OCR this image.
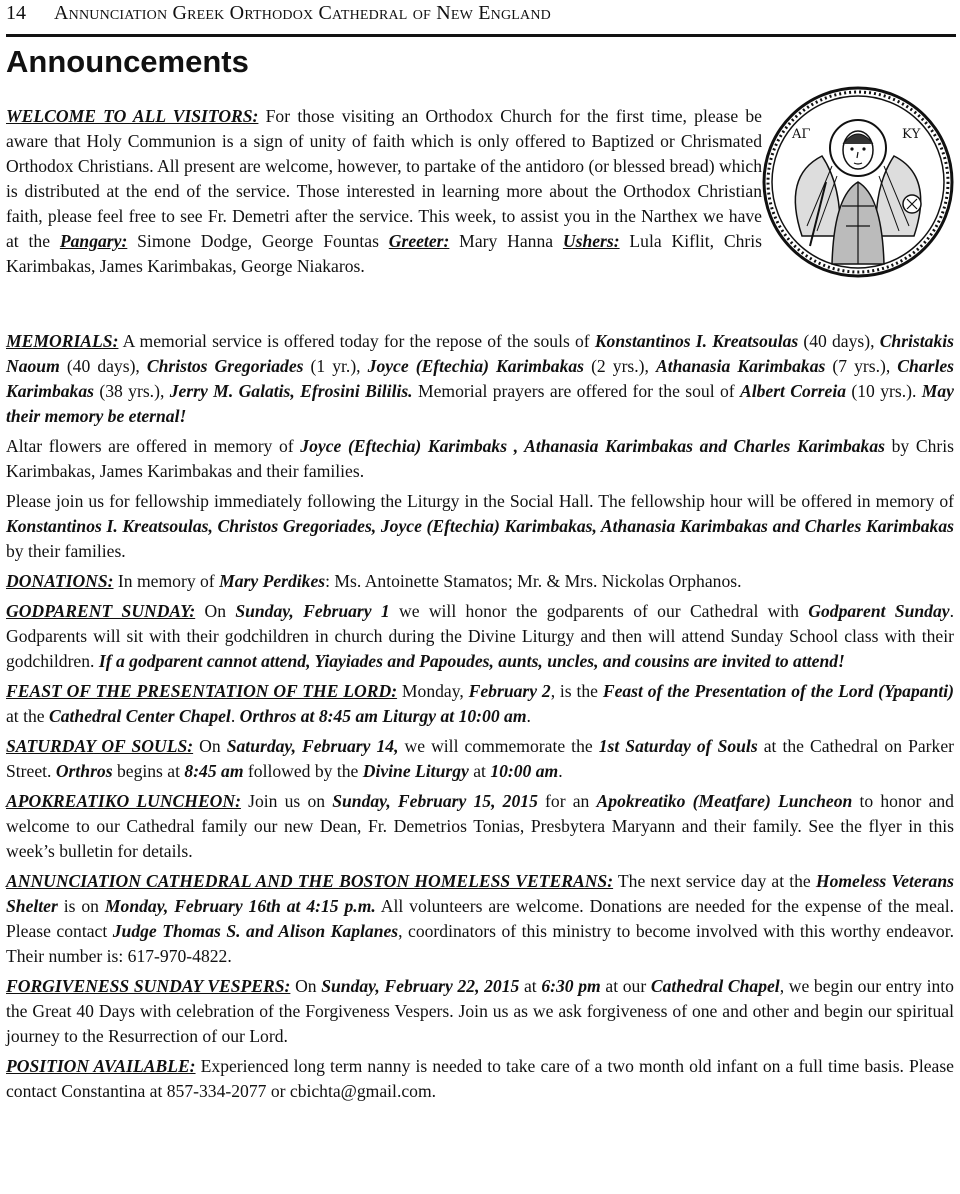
14 Annunciation Greek Orthodox Cathedral of New England
Announcements
ΑΓ	ΚΥ

WELCOME TO ALL VISITORS: For those visiting an Orthodox Church for the first time, please be aware that Holy Communion is a sign of unity of faith which is only offered to Baptized or Chrismated Orthodox Christians. All present are welcome, however, to partake of the antidoro (or blessed bread) which is distributed at the end of the service. Those interested in learning more about the Orthodox Christian faith, please feel free to see Fr. Demetri after the service. This week, to assist you in the Narthex we have at the Pangary: Simone Dodge, George Fountas Greeter: Mary Hanna Ushers: Lula Kiflit, Chris Karimbakas, James Karimbakas, George Niakaros.

MEMORIALS: A memorial service is offered today for the repose of the souls of Konstantinos I. Kreatsoulas (40 days), Christakis Naoum (40 days), Christos Gregoriades (1 yr.), Joyce (Eftechia) Karimbakas (2 yrs.), Athanasia Karimbakas (7 yrs.), Charles Karimbakas (38 yrs.), Jerry M. Galatis, Efrosini Bililis. Memorial prayers are offered for the soul of Albert Correia (10 yrs.). May their memory be eternal!

Altar flowers are offered in memory of Joyce (Eftechia) Karimbaks , Athanasia Karimbakas and Charles Karimbakas by Chris Karimbakas, James Karimbakas and their families.

Please join us for fellowship immediately following the Liturgy in the Social Hall. The fellowship hour will be offered in memory of Konstantinos I. Kreatsoulas, Christos Gregoriades, Joyce (Eftechia) Karimbakas, Athanasia Karimbakas and Charles Karimbakas by their families.

DONATIONS: In memory of Mary Perdikes: Ms. Antoinette Stamatos; Mr. & Mrs. Nickolas Orphanos.

GODPARENT SUNDAY: On Sunday, February 1 we will honor the godparents of our Cathedral with Godparent Sunday. Godparents will sit with their godchildren in church during the Divine Liturgy and then will attend Sunday School class with their godchildren. If a godparent cannot attend, Yiayiades and Papoudes, aunts, uncles, and cousins are invited to attend!

FEAST OF THE PRESENTATION OF THE LORD: Monday, February 2, is the Feast of the Presentation of the Lord (Ypapanti) at the Cathedral Center Chapel. Orthros at 8:45 am Liturgy at 10:00 am.

SATURDAY OF SOULS: On Saturday, February 14, we will commemorate the 1st Saturday of Souls at the Cathedral on Parker Street. Orthros begins at 8:45 am followed by the Divine Liturgy at 10:00 am.

APOKREATIKO LUNCHEON: Join us on Sunday, February 15, 2015 for an Apokreatiko (Meatfare) Luncheon to honor and welcome to our Cathedral family our new Dean, Fr. Demetrios Tonias, Presbytera Maryann and their family. See the flyer in this week’s bulletin for details.

ANNUNCIATION CATHEDRAL AND THE BOSTON HOMELESS VETERANS: The next service day at the Homeless Veterans Shelter is on Monday, February 16th at 4:15 p.m. All volunteers are welcome. Donations are needed for the expense of the meal. Please contact Judge Thomas S. and Alison Kaplanes, coordinators of this ministry to become involved with this worthy endeavor. Their number is: 617-970-4822.

FORGIVENESS SUNDAY VESPERS: On Sunday, February 22, 2015 at 6:30 pm at our Cathedral Chapel, we begin our entry into the Great 40 Days with celebration of the Forgiveness Vespers. Join us as we ask forgiveness of one and other and begin our spiritual journey to the Resurrection of our Lord.

POSITION AVAILABLE: Experienced long term nanny is needed to take care of a two month old infant on a full time basis. Please contact Constantina at 857-334-2077 or cbichta@gmail.com.
